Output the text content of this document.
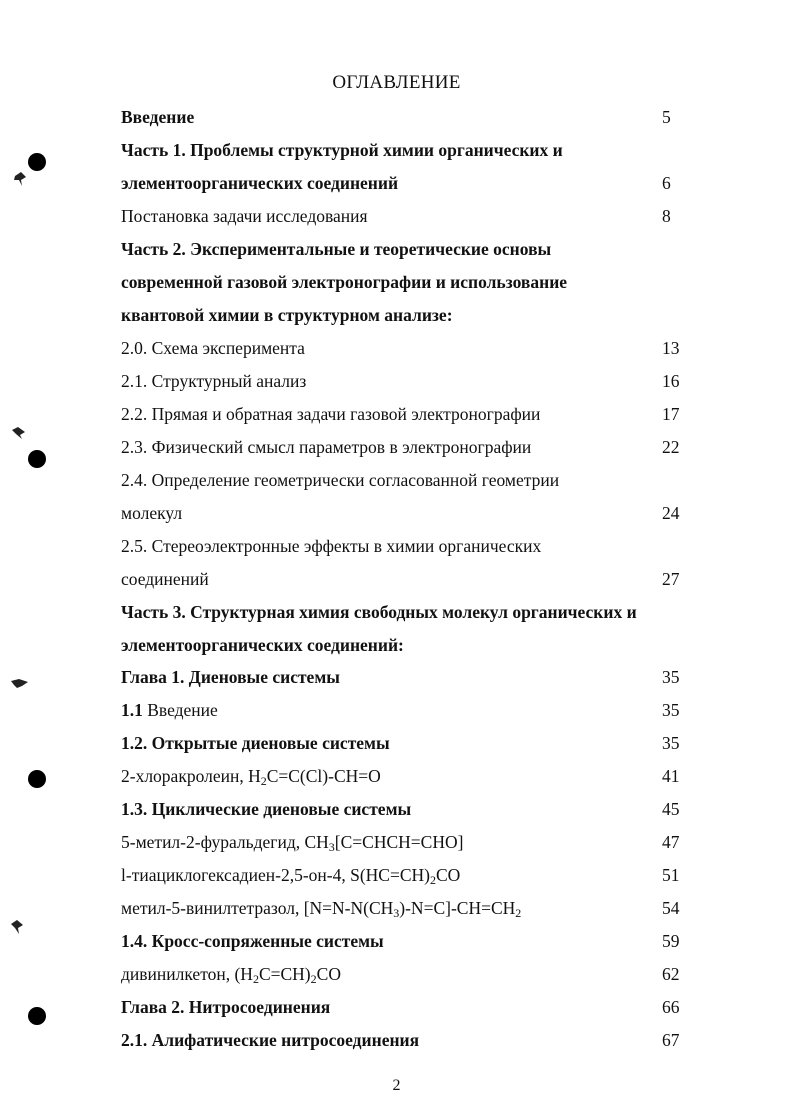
ОГЛАВЛЕНИЕ
Введение	5
Часть 1. Проблемы структурной химии органических и
элементоорганических соединений	6
Постановка задачи исследования	8
Часть 2. Экспериментальные и теоретические основы
современной газовой электронографии и использование
квантовой химии в структурном анализе:
2.0. Схема эксперимента	13
2.1. Структурный анализ	16
2.2. Прямая и обратная задачи газовой электронографии	17
2.3. Физический смысл параметров в электронографии	22
2.4. Определение геометрически согласованной геометрии
молекул	24
2.5. Стереоэлектронные эффекты в химии органических
соединений	27
Часть 3. Структурная химия свободных молекул органических и
элементоорганических соединений:
Глава 1. Диеновые системы	35
1.1 Введение	35
1.2. Открытые диеновые системы	35
2-хлоракролеин, $H_2C=C(Cl)-CH=O$	41
1.3. Циклические диеновые системы	45
5-метил-2-фуральдегид, $CH_3[C=CHCH=CHO]$	47
l-тиациклогексадиен-2,5-он-4, $S(HC=CH)_2CO$	51
метил-5-винилтетразол, $[N=N-N(CH_3)-N=C]-CH=CH_2$	54
1.4. Кросс-сопряженные системы	59
дивинилкетон, $(H_2C=CH)_2CO$	62
Глава 2. Нитросоединения	66
2.1. Алифатические нитросоединения	67
2
